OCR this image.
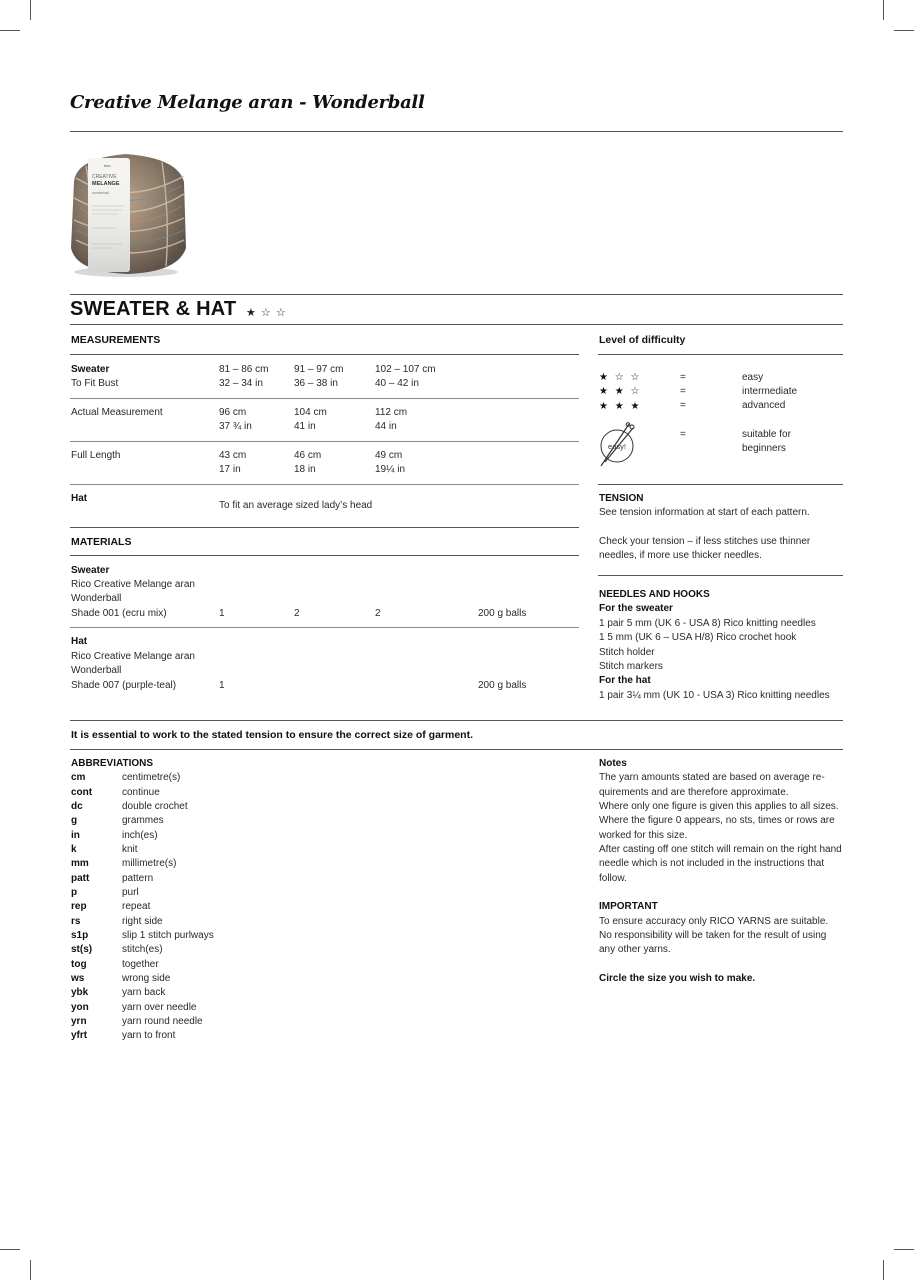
Creative Melange aran - Wonderball
rico
CREATIVE
MELANGE
wonderball
SWEATER & HAT ★ ☆ ☆
MEASUREMENTS
Sweater
To Fit Bust
81 – 86 cm	91 – 97 cm	102 – 107 cm
32 – 34 in	36 – 38 in	40 – 42 in
Actual Measurement	96 cm	104 cm	112 cm
37 ¾ in	41 in	44 in
Full Length	43 cm	46 cm	49 cm
17 in	18 in	19¼ in
Hat
To fit an average sized lady’s head
MATERIALS
Sweater
Rico Creative Melange aran
Wonderball
Shade 001 (ecru mix)	1	2	2	200 g balls
Hat
Rico Creative Melange aran
Wonderball
Shade 007 (purple-teal)	1	200 g balls
Level of difficulty
★ ☆ ☆	=	easy
★ ★ ☆	=	intermediate
★ ★ ★	=	advanced
easy!
=	suitable for
beginners
TENSION
See tension information at start of each pattern.
Check your tension – if less stitches use thinner
needles, if more use thicker needles.
NEEDLES AND HOOKS
For the sweater
1 pair 5 mm (UK 6 - USA 8) Rico knitting needles
1 5 mm (UK 6 – USA H/8) Rico crochet hook
Stitch holder
Stitch markers
For the hat
1 pair 3¼ mm (UK 10 - USA 3) Rico knitting needles
It is essential to work to the stated tension to ensure the correct size of garment.
ABBREVIATIONS
cm	centimetre(s)
cont	continue
dc	double crochet
g	grammes
in	inch(es)
k	knit
mm	millimetre(s)
patt	pattern
p	purl
rep	repeat
rs	right side
s1p	slip 1 stitch purlways
st(s)	stitch(es)
tog	together
ws	wrong side
ybk	yarn back
yon	yarn over needle
yrn	yarn round needle
yfrt	yarn to front
Notes
The yarn amounts stated are based on average re-
quirements and are therefore approximate.
Where only one figure is given this applies to all sizes.
Where the figure 0 appears, no sts, times or rows are
worked for this size.
After casting off one stitch will remain on the right hand
needle which is not included in the instructions that
follow.
IMPORTANT
To ensure accuracy only RICO YARNS are suitable.
No responsibility will be taken for the result of using
any other yarns.
Circle the size you wish to make.
